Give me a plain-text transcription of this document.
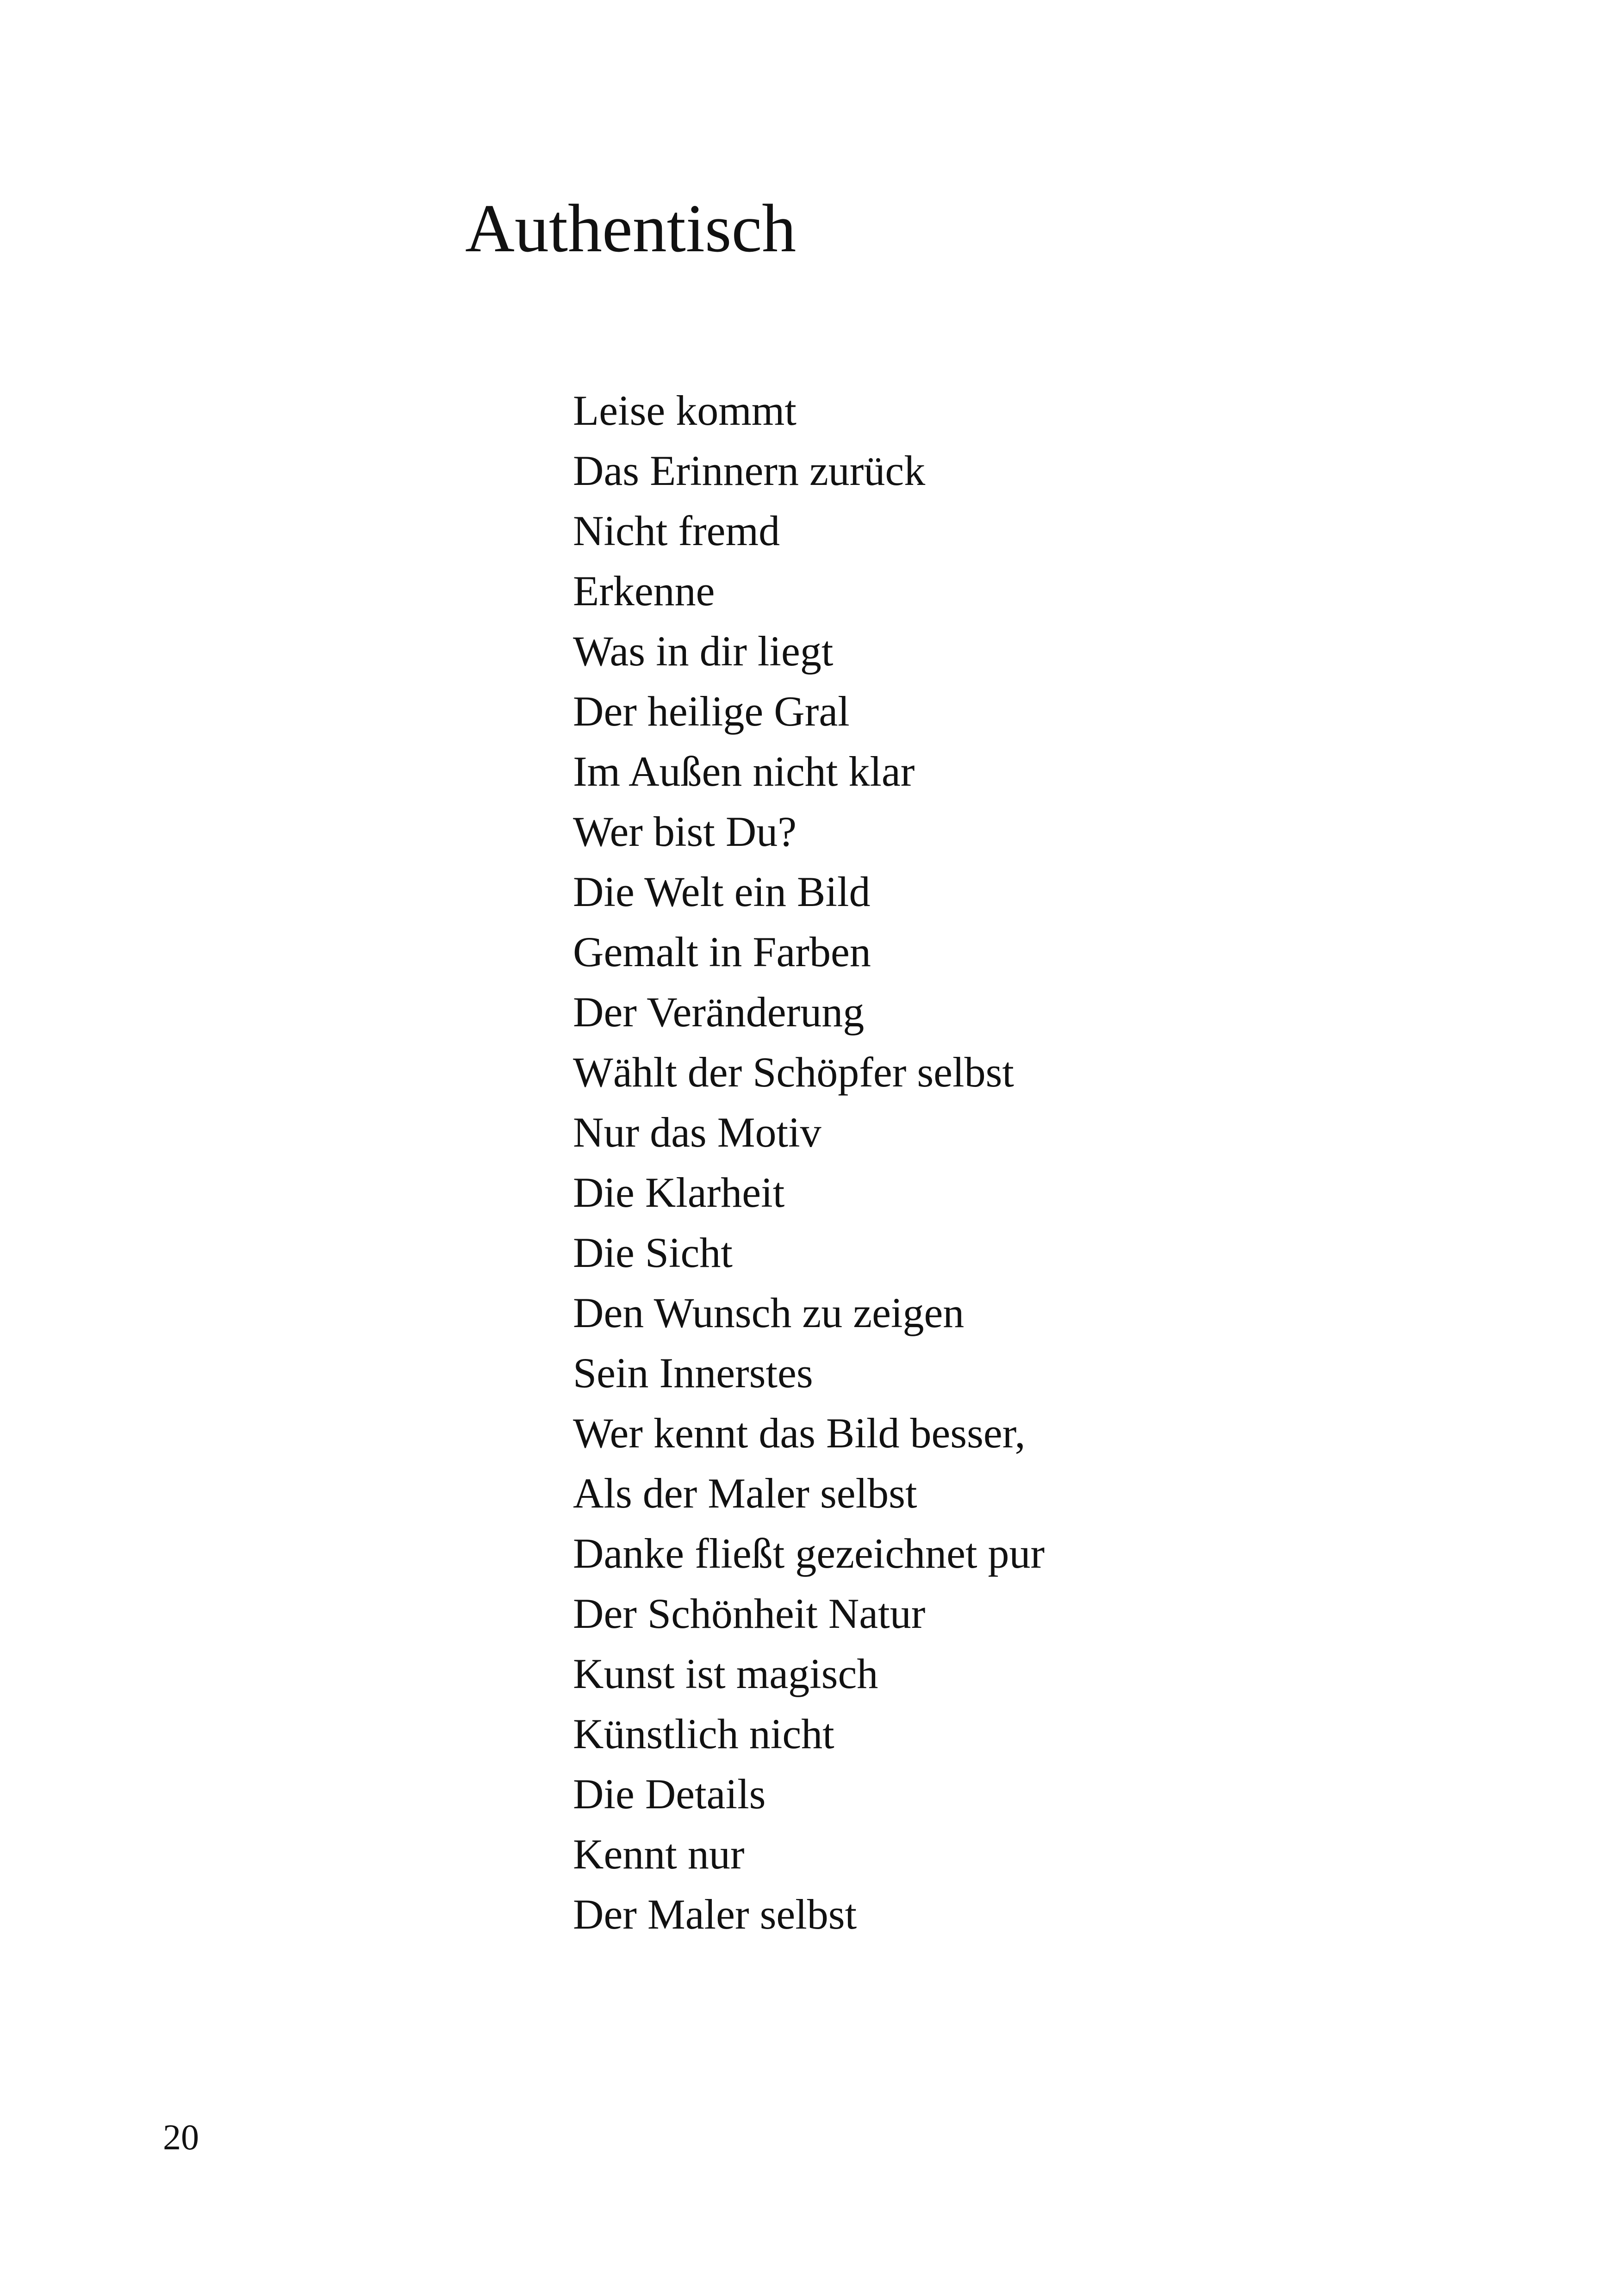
Authentisch
Leise kommt
Das Erinnern zurück
Nicht fremd
Erkenne
Was in dir liegt
Der heilige Gral
Im Außen nicht klar
Wer bist Du?
Die Welt ein Bild
Gemalt in Farben
Der Veränderung
Wählt der Schöpfer selbst
Nur das Motiv
Die Klarheit
Die Sicht
Den Wunsch zu zeigen
Sein Innerstes
Wer kennt das Bild besser,
Als der Maler selbst
Danke fließt gezeichnet pur
Der Schönheit Natur
Kunst ist magisch
Künstlich nicht
Die Details
Kennt nur
Der Maler selbst
20
